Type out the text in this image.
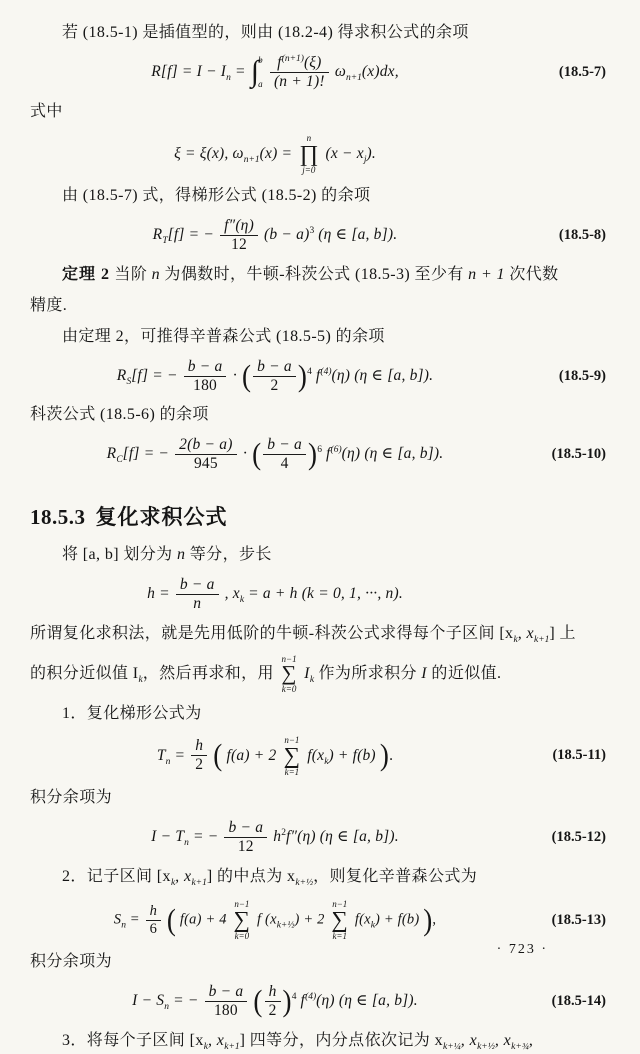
若 (18.5-1) 是插值型的，则由 (18.2-4) 得求积公式的余项

$R[f] = I - I_n$ = ∫ b
a
$\frac{f^{(n+1)}(\xi)}{(n + 1)!} \omega_{n+1}(x)dx$,	(18.5-7)

式中

ξ = ξ(x), $\omega_{n+1}(x)$ =
n
∏
j=0
$(x - x_j)$.

由 (18.5-7) 式，得梯形公式 (18.5-2) 的余项

$R_T[f]$ = − $\frac{f''(\eta)}{12} (b - a)^3$ (η ∈ [a, b]).	(18.5-8)

定理 2 当阶 n 为偶数时，牛顿-科茨公式 (18.5-3) 至少有 n + 1 次代数

精度.

由定理 2，可推得辛普森公式 (18.5-5) 的余项

$R_S[f]$ = − $\frac{b - a}{180}$ · ( $\frac{b - a}{2} )^4$ $f^{(4)}(\eta)$ (η ∈ [a, b]).	(18.5-9)

科茨公式 (18.5-6) 的余项

$R_C[f]$ = − $\frac{2(b - a)}{945}$ · ( $\frac{b - a}{4} )^6$ $f^{(6)}(\eta)$ (η ∈ [a, b]).	(18.5-10)
18.5.3 复化求积公式

将 [a, b] 划分为 n 等分，步长

$h = \frac{b - a}{n}$ , $x_k = a + h$ (k = 0, 1, ···, n).

所谓复化求积法，就是先用低阶的牛顿-科茨公式求得每个子区间 [$x_k$, $x_{k+1}$] 上

的积分近似值 $I_k$，然后再求和，用
n−1
∑
k=0
$I_k$ 作为所求积分 I 的近似值.

1．复化梯形公式为

$T_n = \frac{h}{2}$ ( f(a) + 2
n−1
∑
k=1
$f(x_k) + f(b)$ ).	(18.5-11)

积分余项为

$I - T_n$ = − $\frac{b - a}{12} h^2f''(\eta)$ (η ∈ [a, b]).	(18.5-12)

2．记子区间 [$x_k$, $x_{k+1}$] 的中点为 $x_{k+\frac{1}{2}}$，则复化辛普森公式为

$S_n = \frac{h}{6}$ ( f(a) + 4
n−1
∑
k=0
f $(x_{k+\frac{1}{2}}) + 2$
n−1
∑
k=1
$f(x_k) + f(b)$ ),	(18.5-13)

积分余项为

$I - S_n$ = − $\frac{b - a}{180}$ ( $\frac{h}{2} )^4$ $f^{(4)}(\eta)$ (η ∈ [a, b]).	(18.5-14)

3．将每个子区间 [$x_k$, $x_{k+1}$] 四等分，内分点依次记为 $x_{k+\frac{1}{4}}$, $x_{k+\frac{1}{2}}$, $x_{k+\frac{3}{4}}$,

· 723 ·
